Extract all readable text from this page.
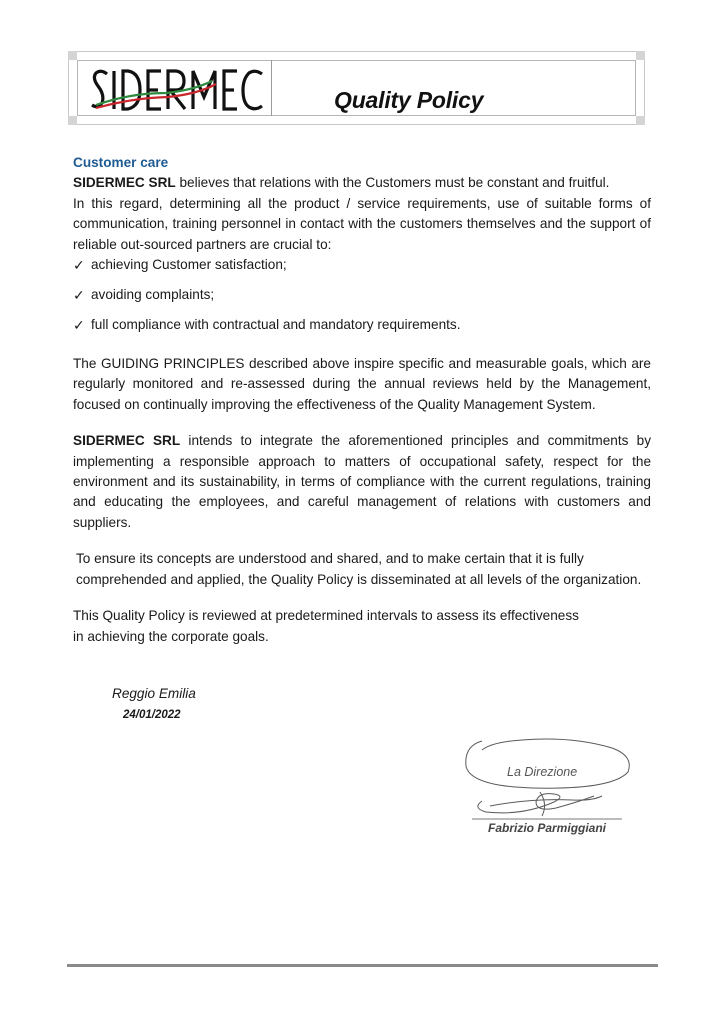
Quality Policy

Customer care

SIDERMEC SRL believes that relations with the Customers must be constant and fruitful.

In this regard, determining all the product / service requirements, use of suitable forms of communication, training personnel in contact with the customers themselves and the support of reliable out-sourced partners are crucial to:

✓ achieving Customer satisfaction;
✓ avoiding complaints;
✓ full compliance with contractual and mandatory requirements.

The GUIDING PRINCIPLES described above inspire specific and measurable goals, which are regularly monitored and re-assessed during the annual reviews held by the Management, focused on continually improving the effectiveness of the Quality Management System.

SIDERMEC SRL intends to integrate the aforementioned principles and commitments by implementing a responsible approach to matters of occupational safety, respect for the environment and its sustainability, in terms of compliance with the current regulations, training and educating the employees, and careful management of relations with customers and suppliers.

To ensure its concepts are understood and shared, and to make certain that it is fully
comprehended and applied, the Quality Policy is disseminated at all levels of the organization.

This Quality Policy is reviewed at predetermined intervals to assess its effectiveness
in achieving the corporate goals.

Reggio Emilia
24/01/2022
La Direzione
Fabrizio Parmiggiani
